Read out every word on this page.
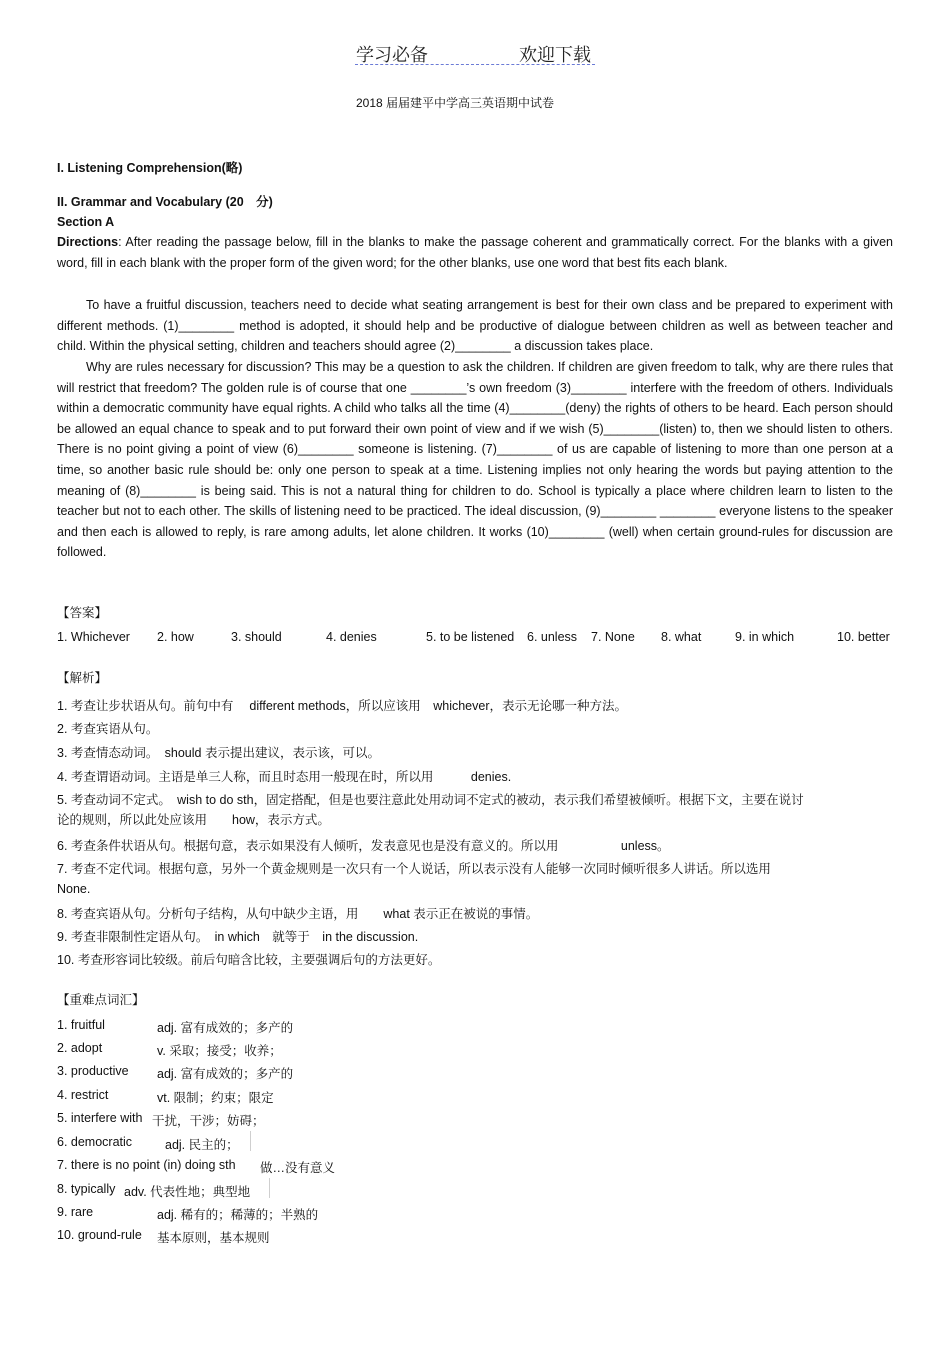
学习必备	欢迎下载
2018 届届建平中学高三英语期中试卷
I. Listening Comprehension(略)
II. Grammar and Vocabulary (20　分)
Section A
Directions: After reading the passage below, fill in the blanks to make the passage coherent and grammatically correct. For the blanks with a given word, fill in each blank with the proper form of the given word; for the other blanks, use one word that best fits each blank.
To have a fruitful discussion, teachers need to decide what seating arrangement is best for their own class and be prepared to experiment with different methods. (1)________ method is adopted, it should help and be productive of dialogue between children as well as between teacher and child. Within the physical setting, children and teachers should agree (2)________ a discussion takes place.
Why are rules necessary for discussion? This may be a question to ask the children. If children are given freedom to talk, why are there rules that will restrict that freedom? The golden rule is of course that one ________’s own freedom (3)________ interfere with the freedom of others. Individuals within a democratic community have equal rights. A child who talks all the time (4)________(deny) the rights of others to be heard. Each person should be allowed an equal chance to speak and to put forward their own point of view and if we wish (5)________(listen) to, then we should listen to others. There is no point giving a point of view (6)________ someone is listening. (7)________ of us are capable of listening to more than one person at a time, so another basic rule should be: only one person to speak at a time. Listening implies not only hearing the words but paying attention to the meaning of (8)________ is being said. This is not a natural thing for children to do. School is typically a place where children learn to listen to the teacher but not to each other. The skills of listening need to be practiced. The ideal discussion, (9)________ ________ everyone listens to the speaker and then each is allowed to reply, is rare among adults, let alone children. It works (10)________ (well) when certain ground-rules for discussion are followed.
【答案】
1. Whichever 2. how	3. should	4. denies	5. to be listened 6. unless 7. None 8. what	9. in which	10. better
【解析】
1. 考查让步状语从句。前句中有　 different methods，所以应该用　whichever，表示无论哪一种方法。
2. 考查宾语从句。
3. 考查情态动词。　should 表示提出建议，表示该，可以。
4. 考查谓语动词。主语是单三人称，而且时态用一般现在时，所以用　　　denies.
5. 考查动词不定式。　wish to do sth，固定搭配，但是也要注意此处用动词不定式的被动，表示我们希望被倾听。根据下文，主要在说讨
论的规则，所以此处应该用　　how，表示方式。
6. 考查条件状语从句。根据句意，表示如果没有人倾听，发表意见也是没有意义的。所以用　　　　　unless。
7. 考查不定代词。根据句意，另外一个黄金规则是一次只有一个人说话，所以表示没有人能够一次同时倾听很多人讲话。所以选用
None.
8. 考查宾语从句。分析句子结构，从句中缺少主语，用　　what 表示正在被说的事情。
9. 考查非限制性定语从句。　in which　就等于　in the discussion.
10. 考查形容词比较级。前后句暗含比较，主要强调后句的方法更好。
【重难点词汇】
1. fruitful	adj. 富有成效的；多产的
2. adopt	v. 采取；接受；收养；
3. productive adj. 富有成效的；多产的
4. restrict	vt. 限制；约束；限定
5. interfere with 干扰，干涉；妨碍；
6. democratic	adj. 民主的；
7. there is no point (in) doing sth 做…没有意义
8. typically adv. 代表性地；典型地
9. rare	adj. 稀有的；稀薄的；半熟的
10. ground-rule 基本原则，基本规则
